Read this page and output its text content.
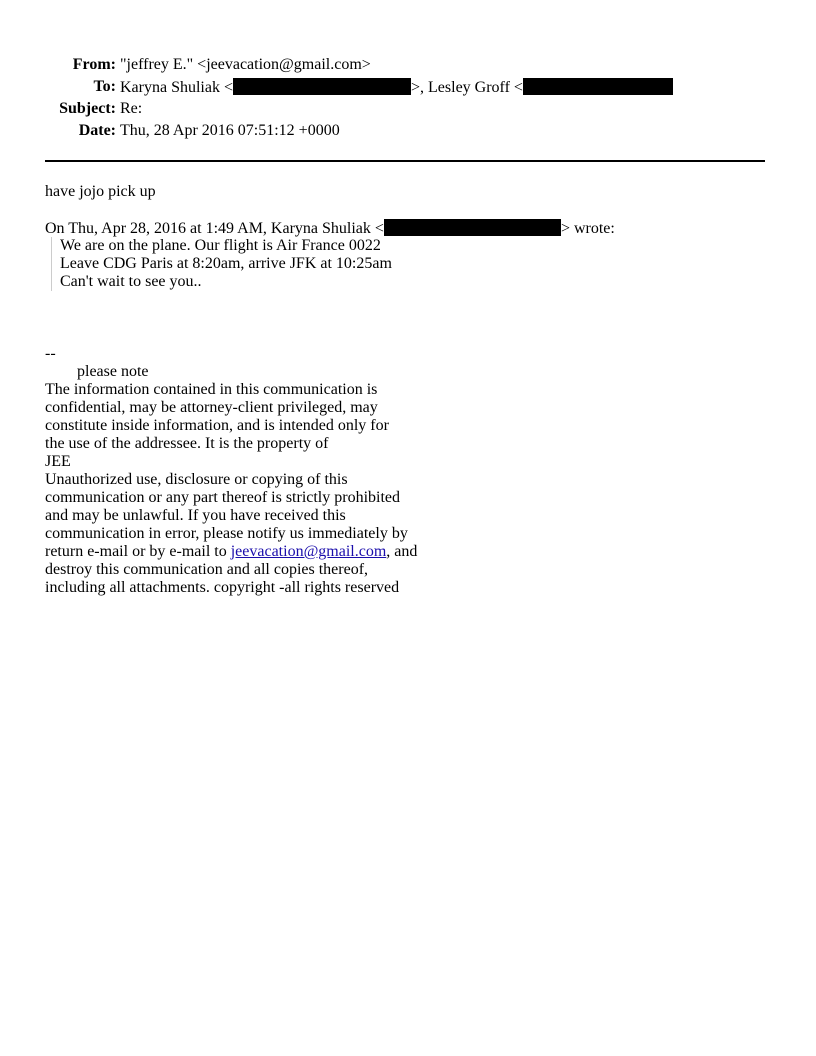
From:	"jeffrey E." <jeevacation@gmail.com>
To:	Karyna Shuliak < >, Lesley Groff <
Subject:	Re:
Date:	Thu, 28 Apr 2016 07:51:12 +0000
have jojo pick up
On Thu, Apr 28, 2016 at 1:49 AM, Karyna Shuliak <	> wrote:
We are on the plane. Our flight is Air France 0022
Leave CDG Paris at 8:20am, arrive JFK at 10:25am
Can't wait to see you..
--
please note
The information contained in this communication is
confidential, may be attorney-client privileged, may
constitute inside information, and is intended only for
the use of the addressee. It is the property of
JEE
Unauthorized use, disclosure or copying of this
communication or any part thereof is strictly prohibited
and may be unlawful. If you have received this
communication in error, please notify us immediately by
return e-mail or by e-mail to jeevacation@gmail.com, and
destroy this communication and all copies thereof,
including all attachments. copyright -all rights reserved
